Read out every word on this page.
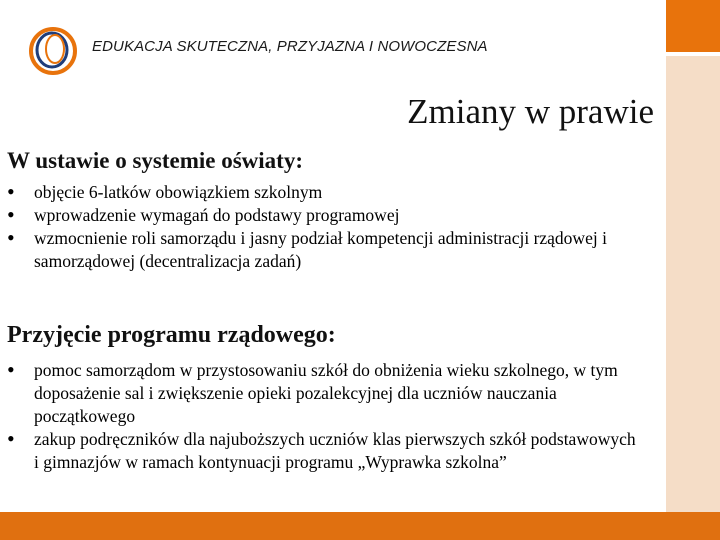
EDUKACJA SKUTECZNA, PRZYJAZNA I NOWOCZESNA
Zmiany w prawie
W ustawie o systemie oświaty:
• objęcie 6-latków obowiązkiem szkolnym
• wprowadzenie wymagań do podstawy programowej
• wzmocnienie roli samorządu i jasny podział kompetencji administracji rządowej i samorządowej (decentralizacja zadań)
Przyjęcie programu rządowego:
• pomoc samorządom w przystosowaniu szkół do obniżenia wieku szkolnego, w tym doposażenie sal i zwiększenie opieki pozalekcyjnej dla uczniów nauczania początkowego
• zakup podręczników dla najuboższych uczniów klas pierwszych szkół podstawowych i gimnazjów w ramach kontynuacji programu „Wyprawka szkolna”
